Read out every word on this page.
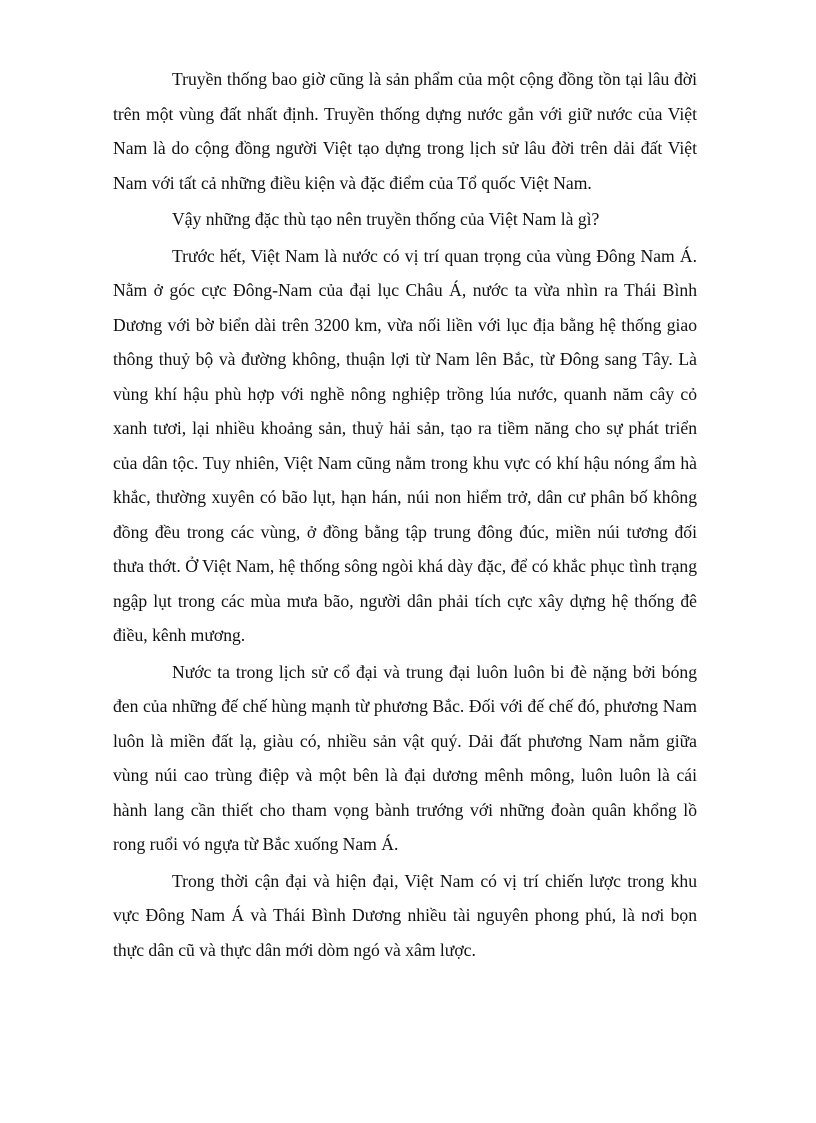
Truyền thống bao giờ cũng là sản phẩm của một cộng đồng tồn tại lâu đời trên một vùng đất nhất định. Truyền thống dựng nước gắn với giữ nước của Việt Nam là do cộng đồng người Việt tạo dựng trong lịch sử lâu đời trên dải đất Việt Nam với tất cả những điều kiện và đặc điểm của Tổ quốc Việt Nam.

Vậy những đặc thù tạo nên truyền thống của Việt Nam là gì?

Trước hết, Việt Nam là nước có vị trí quan trọng của vùng Đông Nam Á. Nằm ở góc cực Đông-Nam của đại lục Châu Á, nước ta vừa nhìn ra Thái Bình Dương với bờ biển dài trên 3200 km, vừa nối liền với lục địa bằng hệ thống giao thông thuỷ bộ và đường không, thuận lợi từ Nam lên Bắc, từ Đông sang Tây. Là vùng khí hậu phù hợp với nghề nông nghiệp trồng lúa nước, quanh năm cây cỏ xanh tươi, lại nhiều khoảng sản, thuỷ hải sản, tạo ra tiềm năng cho sự phát triển của dân tộc. Tuy nhiên, Việt Nam cũng nằm trong khu vực có khí hậu nóng ẩm hà khắc, thường xuyên có bão lụt, hạn hán, núi non hiểm trở, dân cư phân bố không đồng đều trong các vùng, ở đồng bằng tập trung đông đúc, miền núi tương đối thưa thớt. Ở Việt Nam, hệ thống sông ngòi khá dày đặc, để có khắc phục tình trạng ngập lụt trong các mùa mưa bão, người dân phải tích cực xây dựng hệ thống đê điều, kênh mương.

Nước ta trong lịch sử cổ đại và trung đại luôn luôn bi đè nặng bởi bóng đen của những đế chế hùng mạnh từ phương Bắc. Đối với đế chế đó, phương Nam luôn là miền đất lạ, giàu có, nhiều sản vật quý. Dải đất phương Nam nằm giữa vùng núi cao trùng điệp và một bên là đại dương mênh mông, luôn luôn là cái hành lang cần thiết cho tham vọng bành trướng với những đoàn quân khổng lồ rong ruổi vó ngựa từ Bắc xuống Nam Á.

Trong thời cận đại và hiện đại, Việt Nam có vị trí chiến lược trong khu vực Đông Nam Á và Thái Bình Dương nhiều tài nguyên phong phú, là nơi bọn thực dân cũ và thực dân mới dòm ngó và xâm lược.
